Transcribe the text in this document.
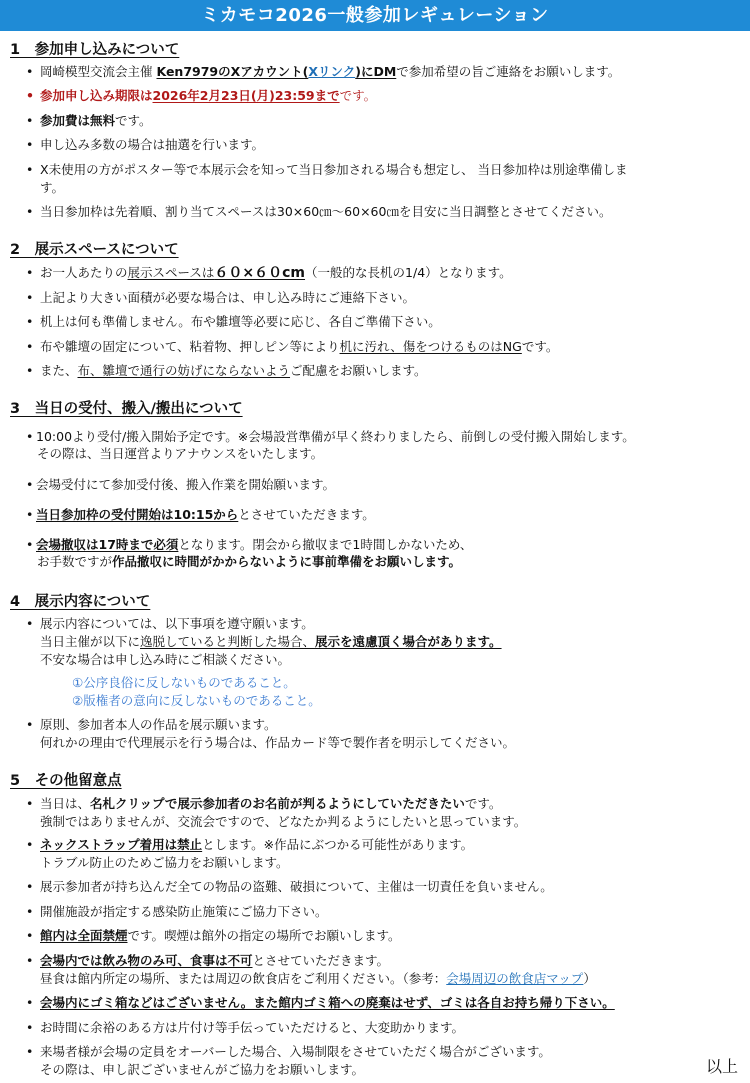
ミカモコ2026一般参加レギュレーション
1　参加申し込みについて
• 岡崎模型交流会主催 Ken7979のXアカウント(Xリンク)にDMで参加希望の旨ご連絡をお願いします。
• 参加申し込み期限は2026年2月23日(月)23:59までです。
• 参加費は無料です。
• 申し込み多数の場合は抽選を行います。
• X未使用の方がポスター等で本展示会を知って当日参加される場合も想定し、 当日参加枠は別途準備しま
す。
• 当日参加枠は先着順、割り当てスペースは30×60㎝～60×60㎝を目安に当日調整とさせてください。
2　展示スペースについて
• お一人あたりの展示スペースは６０×６０cm（一般的な長机の1/4）となります。
• 上記より大きい面積が必要な場合は、申し込み時にご連絡下さい。
• 机上は何も準備しません。布や雛壇等必要に応じ、各自ご準備下さい。
• 布や雛壇の固定について、粘着物、押しピン等により机に汚れ、傷をつけるものはNGです。
• また、布、雛壇で通行の妨げにならないようご配慮をお願いします。
3　当日の受付、搬入/搬出について
• 10:00より受付/搬入開始予定です。※会場設営準備が早く終わりましたら、前倒しの受付搬入開始します。
その際は、当日運営よりアナウンスをいたします。
• 会場受付にて参加受付後、搬入作業を開始願います。
• 当日参加枠の受付開始は10:15からとさせていただきます。
• 会場撤収は17時まで必須となります。閉会から撤収まで1時間しかないため、
お手数ですが作品撤収に時間がかからないように事前準備をお願いします。
4　展示内容について
• 展示内容については、以下事項を遵守願います。
当日主催が以下に逸脱していると判断した場合、展示を遠慮頂く場合があります。
不安な場合は申し込み時にご相談ください。
①公序良俗に反しないものであること。
②版権者の意向に反しないものであること。
• 原則、参加者本人の作品を展示願います。
何れかの理由で代理展示を行う場合は、作品カード等で製作者を明示してください。
5　その他留意点
• 当日は、名札クリップで展示参加者のお名前が判るようにしていただきたいです。
強制ではありませんが、交流会ですので、どなたか判るようにしたいと思っています。
• ネックストラップ着用は禁止とします。※作品にぶつかる可能性があります。
トラブル防止のためご協力をお願いします。
• 展示参加者が持ち込んだ全ての物品の盗難、破損について、主催は一切責任を負いません。
• 開催施設が指定する感染防止施策にご協力下さい。
• 館内は全面禁煙です。喫煙は館外の指定の場所でお願いします。
• 会場内では飲み物のみ可、食事は不可とさせていただきます。
昼食は館内所定の場所、または周辺の飲食店をご利用ください。（参考：会場周辺の飲食店マップ）
• 会場内にゴミ箱などはございません。また館内ゴミ箱への廃棄はせず、ゴミは各自お持ち帰り下さい。
• お時間に余裕のある方は片付け等手伝っていただけると、大変助かります。
• 来場者様が会場の定員をオーバーした場合、入場制限をさせていただく場合がございます。
その際は、申し訳ございませんがご協力をお願いします。	以上
